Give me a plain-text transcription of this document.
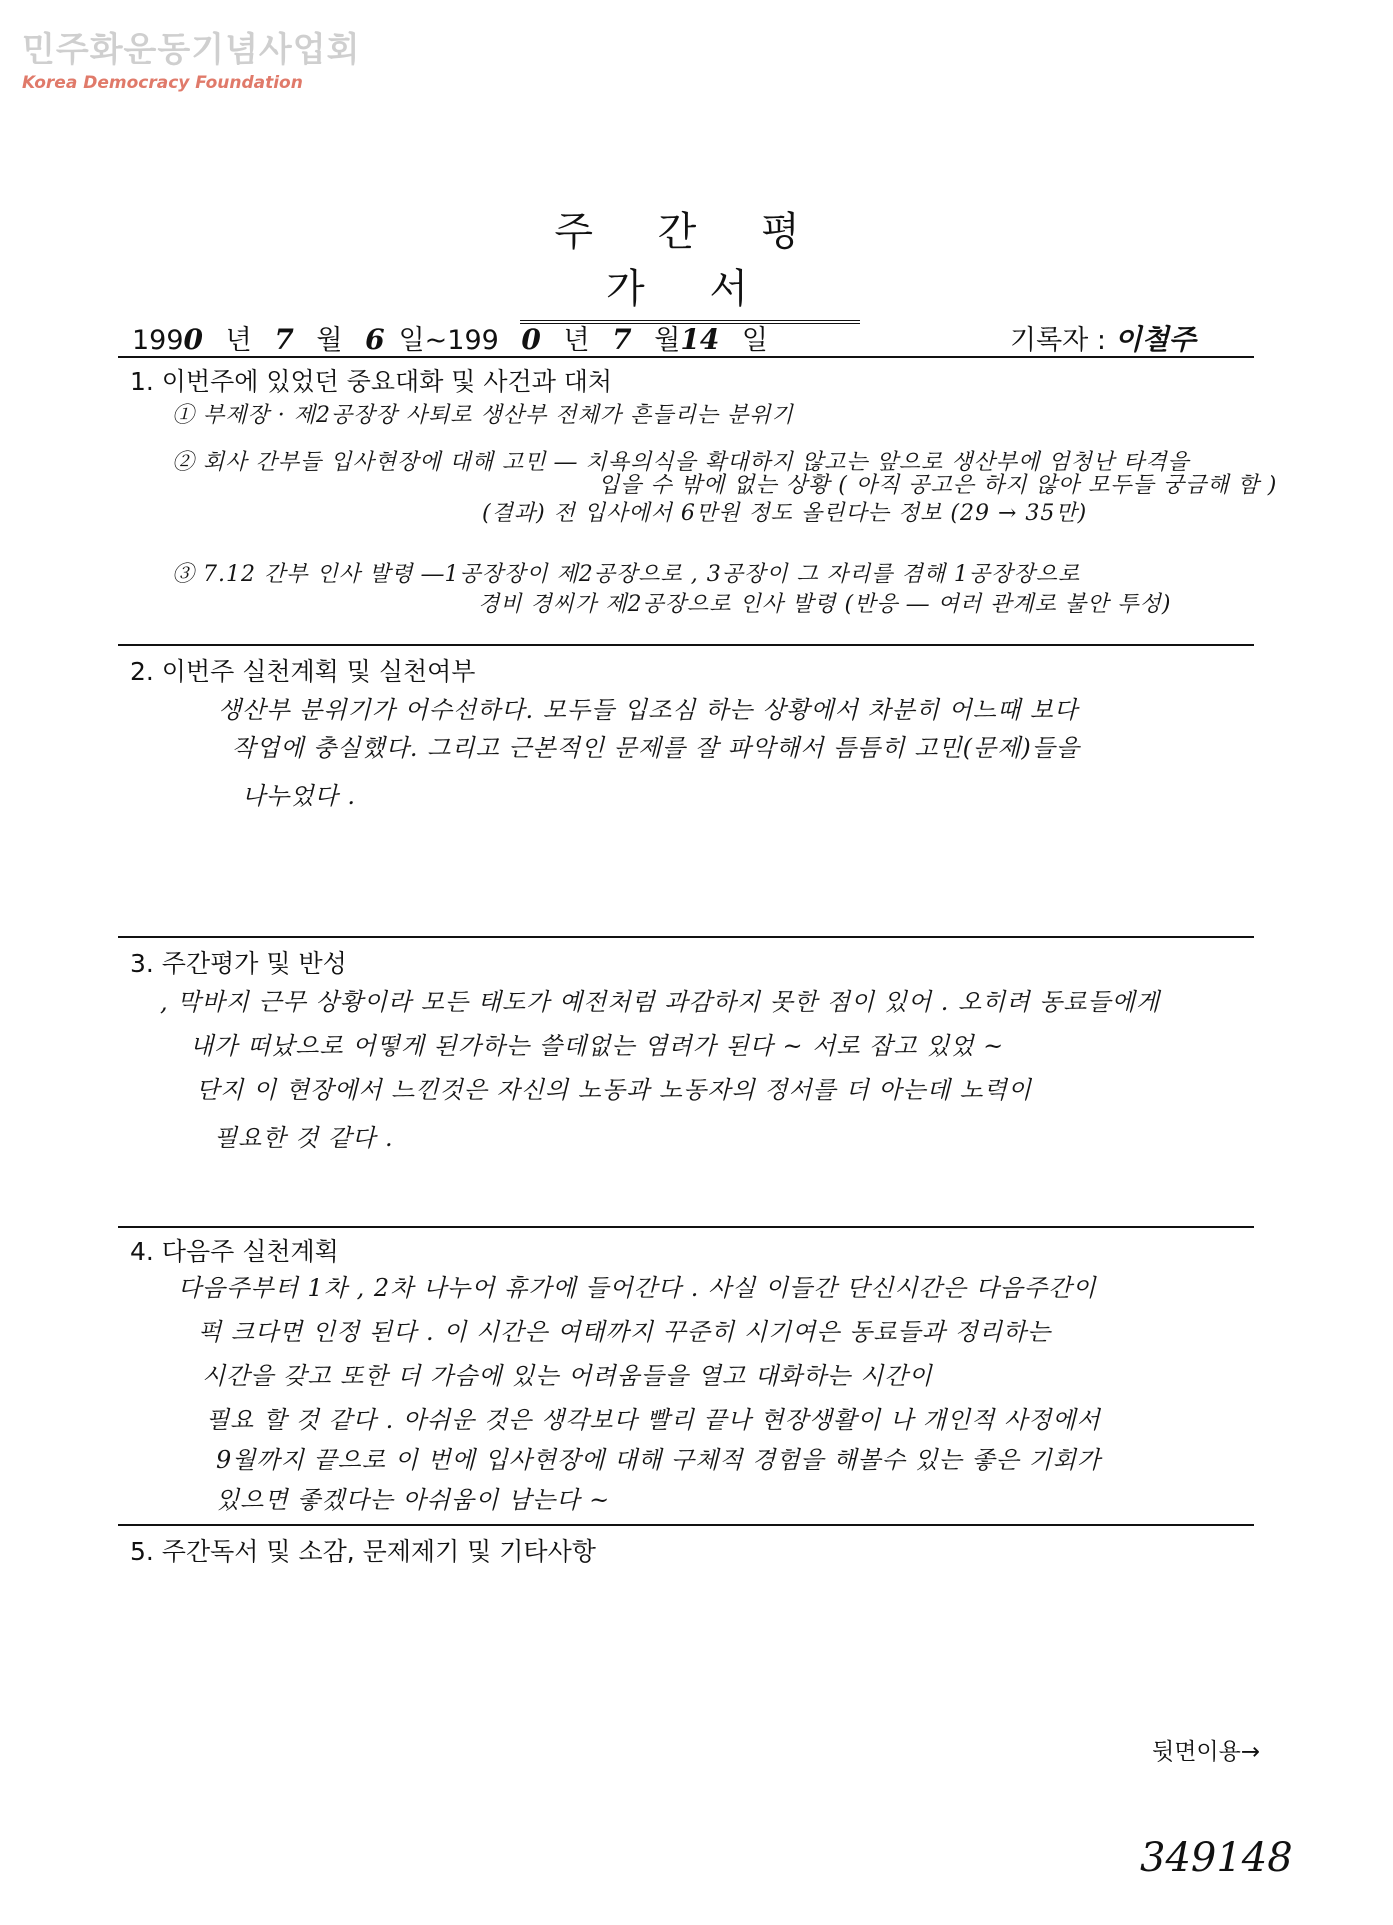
민주화운동기념사업회
Korea Democracy Foundation
주 간 평 가 서
1990 년 7 월 6 일~199 0 년 7 월14 일	기록자 : 이철주
1. 이번주에 있었던 중요대화 및 사건과 대처
① 부제장 · 제2공장장 사퇴로 생산부 전체가 흔들리는 분위기
② 회사 간부들 입사현장에 대해 고민 ― 치욕의식을 확대하지 않고는 앞으로 생산부에 엄청난 타격을
입을 수 밖에 없는 상황 ( 아직 공고은 하지 않아 모두들 궁금해 함 )
(결과) 전 입사에서 6만원 정도 올린다는 정보 (29 → 35만)
③ 7.12 간부 인사 발령 ―1공장장이 제2공장으로 , 3공장이 그 자리를 겸해 1공장장으로
경비 경씨가 제2공장으로 인사 발령 (반응 ― 여러 관계로 불안 투성)
2. 이번주 실천계획 및 실천여부
생산부 분위기가 어수선하다. 모두들 입조심 하는 상황에서 차분히 어느때 보다
작업에 충실했다. 그리고 근본적인 문제를 잘 파악해서 틈틈히 고민(문제)들을
나누었다 .
3. 주간평가 및 반성
, 막바지 근무 상황이라 모든 태도가 예전처럼 과감하지 못한 점이 있어 . 오히려 동료들에게
내가 떠났으로 어떻게 된가하는 쓸데없는 염려가 된다 ~ 서로 잡고 있었 ~
단지 이 현장에서 느낀것은 자신의 노동과 노동자의 정서를 더 아는데 노력이
필요한 것 같다 .
4. 다음주 실천계획
다음주부터 1차 , 2차 나누어 휴가에 들어간다 . 사실 이들간 단신시간은 다음주간이
퍽 크다면 인정 된다 . 이 시간은 여태까지 꾸준히 시기여은 동료들과 정리하는
시간을 갖고 또한 더 가슴에 있는 어려움들을 열고 대화하는 시간이
필요 할 것 같다 . 아쉬운 것은 생각보다 빨리 끝나 현장생활이 나 개인적 사정에서
9월까지 끝으로 이 번에 입사현장에 대해 구체적 경험을 해볼수 있는 좋은 기회가
있으면 좋겠다는 아쉬움이 남는다 ~
5. 주간독서 및 소감, 문제제기 및 기타사항
뒷면이용→
349148
